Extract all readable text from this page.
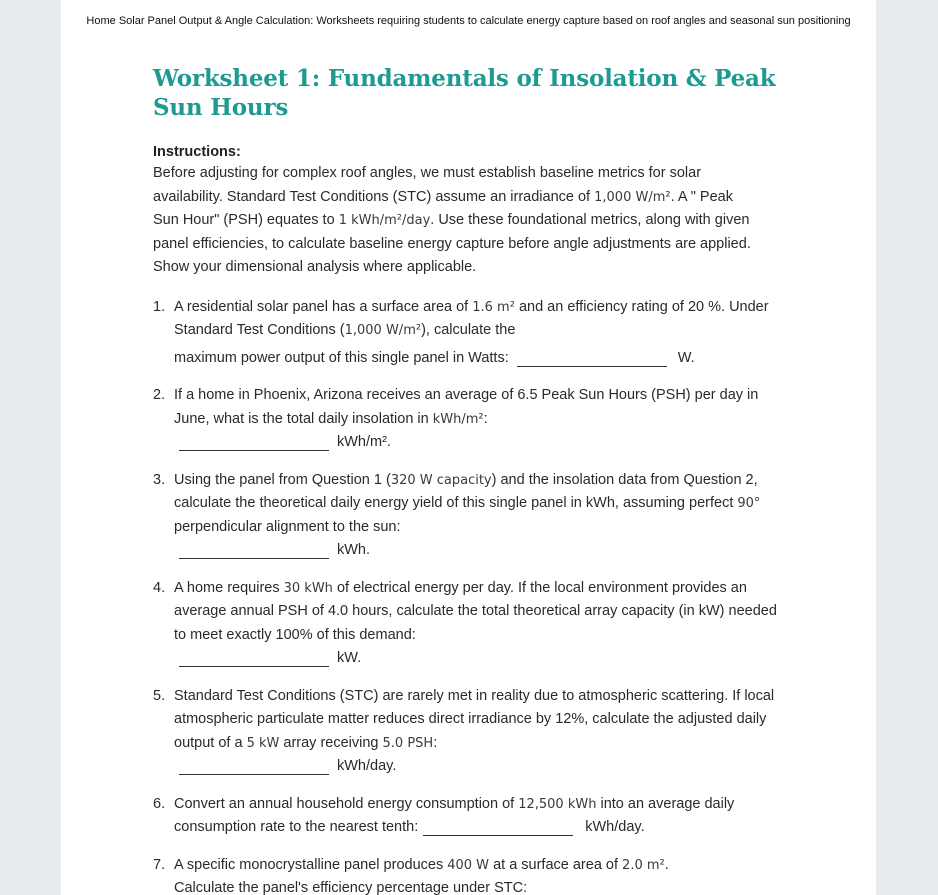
Home Solar Panel Output & Angle Calculation: Worksheets requiring students to calculate energy capture based on roof angles and seasonal sun positioning
Worksheet 1: Fundamentals of Insolation & Peak Sun Hours
Instructions:
Before adjusting for complex roof angles, we must establish baseline metrics for solar availability. Standard Test Conditions (STC) assume an irradiance of 1,000 W/m². A " Peak Sun Hour" (PSH) equates to 1 kWh/m²/day. Use these foundational metrics, along with given panel efficiencies, to calculate baseline energy capture before angle adjustments are applied. Show your dimensional analysis where applicable.
1. A residential solar panel has a surface area of 1.6 m² and an efficiency rating of 20 %. Under Standard Test Conditions (1,000 W/m²), calculate the
maximum power output of this single panel in Watts:	W.
2. If a home in Phoenix, Arizona receives an average of 6.5 Peak Sun Hours (PSH) per day in June, what is the total daily insolation in kWh/m²:
kWh/m².
3. Using the panel from Question 1 (320 W capacity) and the insolation data from Question 2, calculate the theoretical daily energy yield of this single panel in kWh, assuming perfect 90° perpendicular alignment to the sun:
kWh.
4. A home requires 30 kWh of electrical energy per day. If the local environment provides an average annual PSH of 4.0 hours, calculate the total theoretical array capacity (in kW) needed to meet exactly 100% of this demand:
kW.
5. Standard Test Conditions (STC) are rarely met in reality due to atmospheric scattering. If local atmospheric particulate matter reduces direct irradiance by 12%, calculate the adjusted daily output of a 5 kW array receiving 5.0 PSH:
kWh/day.
6. Convert an annual household energy consumption of 12,500 kWh into an average daily consumption rate to the nearest tenth:	kWh/day.
7. A specific monocrystalline panel produces 400 W at a surface area of 2.0 m².
Calculate the panel's efficiency percentage under STC:
